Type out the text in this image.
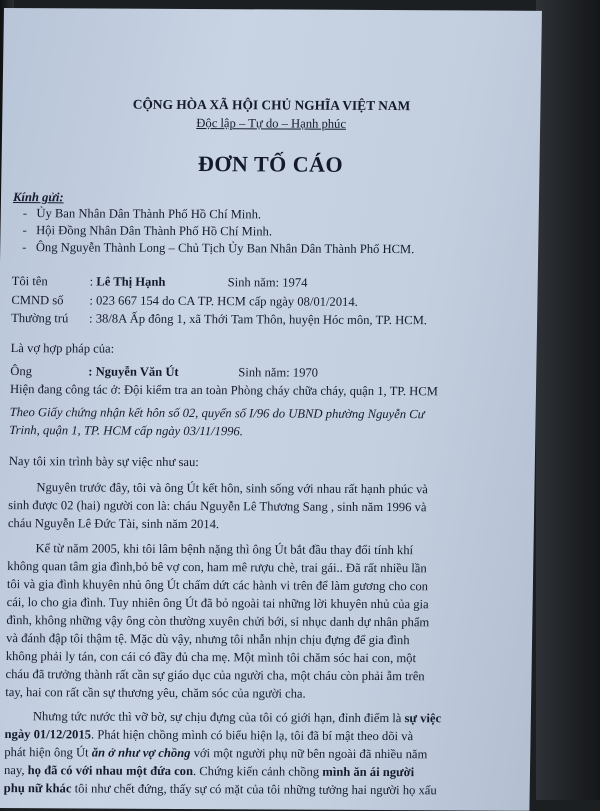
CỘNG HÒA XÃ HỘI CHỦ NGHĨA VIỆT NAM
Độc lập – Tự do – Hạnh phúc
ĐƠN TỐ CÁO
Kính gửi:
-   Ủy Ban Nhân Dân Thành Phố Hồ Chí Minh.
-   Hội Đồng Nhân Dân Thành Phố Hồ Chí Minh.
-   Ông Nguyễn Thành Long – Chủ Tịch Ủy Ban Nhân Dân Thành Phố HCM.
Tôi tên	: Lê Thị Hạnh	Sinh năm: 1974
CMND số : 023 667 154 do CA TP. HCM cấp ngày 08/01/2014.
Thường trú : 38/8A Ấp đông 1, xã Thới Tam Thôn, huyện Hóc môn, TP. HCM.
Là vợ hợp pháp của:
Ông	: Nguyễn Văn Út	Sinh năm: 1970
Hiện đang công tác ở: Đội kiểm tra an toàn Phòng cháy chữa cháy, quận 1, TP. HCM
Theo Giấy chứng nhận kết hôn số 02, quyển số I/96 do UBND phường Nguyễn Cư
Trinh, quận 1, TP. HCM cấp ngày 03/11/1996.
Nay tôi xin trình bày sự việc như sau:
Nguyên trước đây, tôi và ông Út kết hôn, sinh sống với nhau rất hạnh phúc và
sinh được 02 (hai) người con là: cháu Nguyễn Lê Thương Sang , sinh năm 1996 và
cháu Nguyễn Lê Đức Tài, sinh năm 2014.
Kể từ năm 2005, khi tôi lâm bệnh nặng thì ông Út bắt đầu thay đổi tính khí
không quan tâm gia đình,bỏ bê vợ con, ham mê rượu chè, trai gái.. Đã rất nhiều lần
tôi và gia đình khuyên nhủ ông Út chấm dứt các hành vi trên để làm gương cho con
cái, lo cho gia đình. Tuy nhiên ông Út đã bỏ ngoài tai những lời khuyên nhủ của gia
đình, không những vậy ông còn thường xuyên chửi bới, sỉ nhục danh dự nhân phẩm
và đánh đập tôi thậm tệ. Mặc dù vậy, nhưng tôi nhẫn nhịn chịu đựng để gia đình
không phải ly tán, con cái có đầy đủ cha mẹ. Một mình tôi chăm sóc hai con, một
cháu đã trưởng thành rất cần sự giáo dục của người cha, một cháu còn phải ẵm trên
tay, hai con rất cần sự thương yêu, chăm sóc của người cha.
Nhưng tức nước thì vỡ bờ, sự chịu đựng của tôi có giới hạn, đỉnh điểm là sự việc
ngày 01/12/2015. Phát hiện chồng mình có biểu hiện lạ, tôi đã bí mật theo dõi và
phát hiện ông Út ăn ở như vợ chồng với một người phụ nữ bên ngoài đã nhiều năm
nay, họ đã có với nhau một đứa con. Chứng kiến cảnh chồng mình ăn ái người
phụ nữ khác tôi như chết đứng, thấy sự có mặt của tôi những tưởng hai người họ xấu
